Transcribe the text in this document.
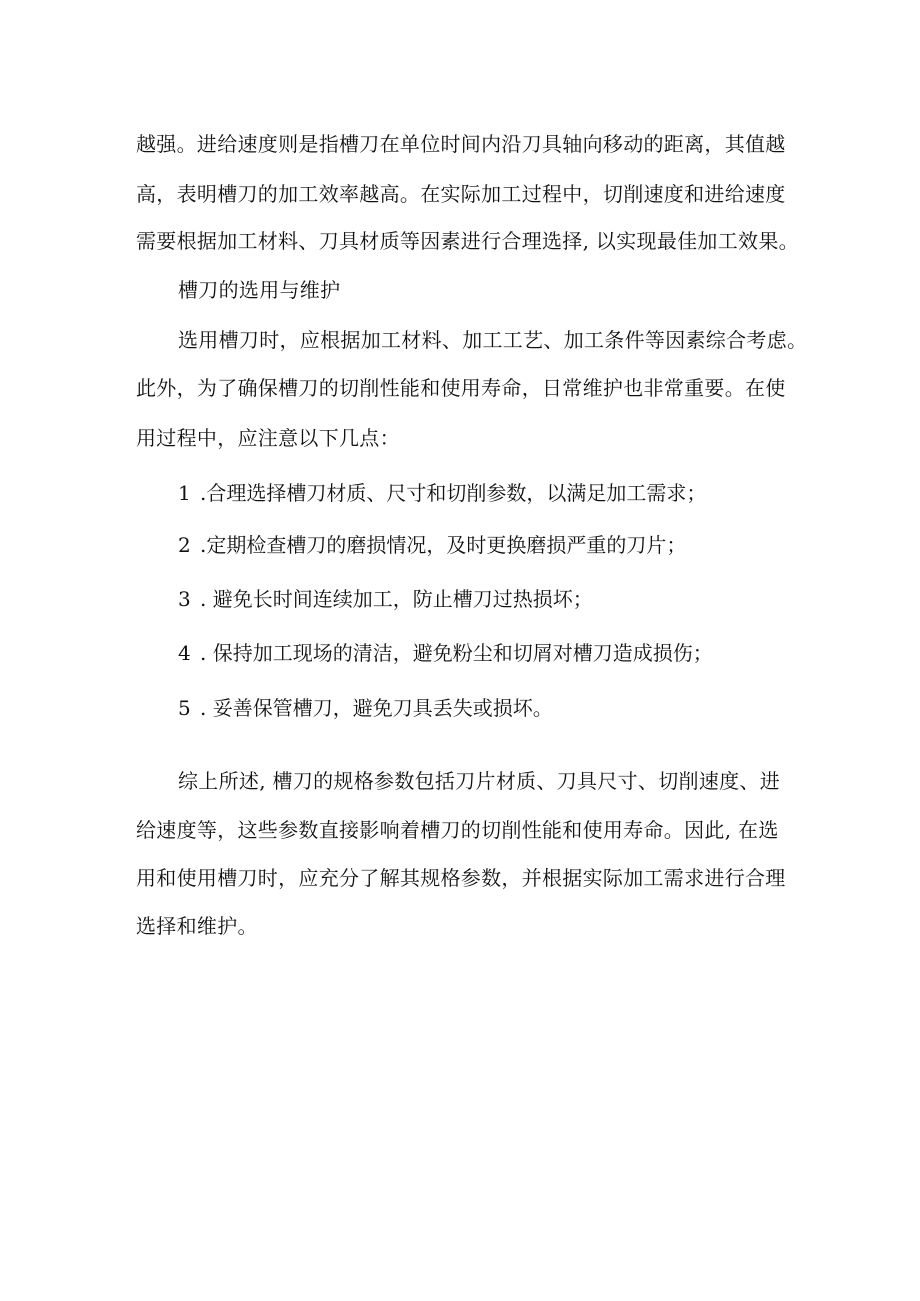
越强。进给速度则是指槽刀在单位时间内沿刀具轴向移动的距离，其值越
高，表明槽刀的加工效率越高。在实际加工过程中，切削速度和进给速度
需要根据加工材料、刀具材质等因素进行合理选择, 以实现最佳加工效果。
槽刀的选用与维护
选用槽刀时，应根据加工材料、加工工艺、加工条件等因素综合考虑。
此外，为了确保槽刀的切削性能和使用寿命，日常维护也非常重要。在使
用过程中，应注意以下几点：
1 .合理选择槽刀材质、尺寸和切削参数，以满足加工需求；
2 .定期检查槽刀的磨损情况，及时更换磨损严重的刀片；
3 . 避免长时间连续加工，防止槽刀过热损坏；
4 . 保持加工现场的清洁，避免粉尘和切屑对槽刀造成损伤；
5 . 妥善保管槽刀，避免刀具丢失或损坏。
综上所述, 槽刀的规格参数包括刀片材质、刀具尺寸、切削速度、进
给速度等，这些参数直接影响着槽刀的切削性能和使用寿命。因此, 在选
用和使用槽刀时，应充分了解其规格参数，并根据实际加工需求进行合理
选择和维护。
